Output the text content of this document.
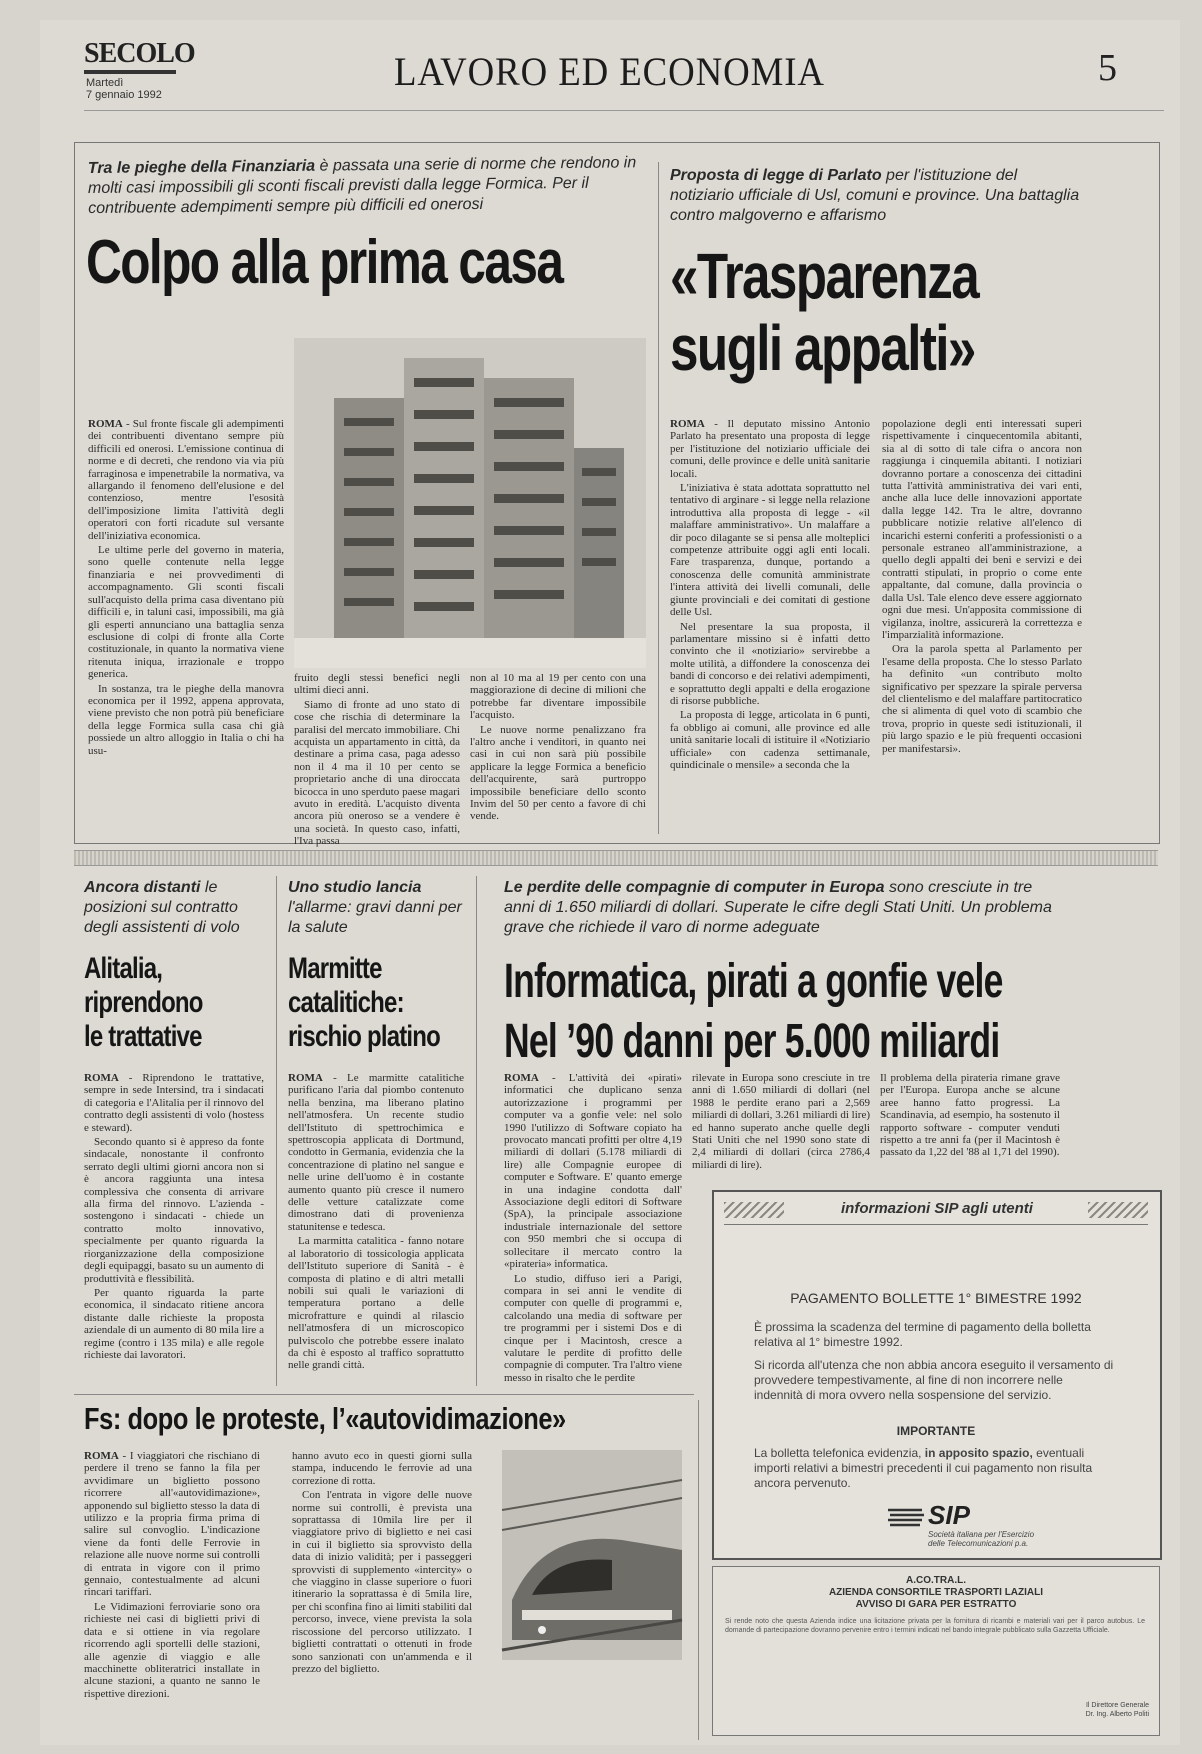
SECOLO
Martedì
7 gennaio 1992
LAVORO ED ECONOMIA	5
Tra le pieghe della Finanziaria è passata una serie di norme che rendono in molti casi impossibili gli sconti fiscali previsti dalla legge Formica. Per il contribuente adempimenti sempre più difficili ed onerosi
Colpo alla prima casa

ROMA - Sul fronte fiscale gli adempimenti dei contribuenti diventano sempre più difficili ed onerosi. L'emissione continua di norme e di decreti, che rendono via via più farraginosa e impenetrabile la normativa, va allargando il fenomeno dell'elusione e del contenzioso, mentre l'esosità dell'imposizione limita l'attività degli operatori con forti ricadute sul versante dell'iniziativa economica.

Le ultime perle del governo in materia, sono quelle contenute nella legge finanziaria e nei provvedimenti di accompagnamento. Gli sconti fiscali sull'acquisto della prima casa diventano più difficili e, in taluni casi, impossibili, ma già gli esperti annunciano una battaglia senza esclusione di colpi di fronte alla Corte costituzionale, in quanto la normativa viene ritenuta iniqua, irrazionale e troppo generica.

In sostanza, tra le pieghe della manovra economica per il 1992, appena approvata, viene previsto che non potrà più beneficiare della legge Formica sulla casa chi già possiede un altro alloggio in Italia o chi ha usu-

fruito degli stessi benefici negli ultimi dieci anni.

Siamo di fronte ad uno stato di cose che rischia di determinare la paralisi del mercato immobiliare. Chi acquista un appartamento in città, da destinare a prima casa, paga adesso non il 4 ma il 10 per cento se proprietario anche di una diroccata bicocca in uno sperduto paese magari avuto in eredità. L'acquisto diventa ancora più oneroso se a vendere è una società. In questo caso, infatti, l'Iva passa

non al 10 ma al 19 per cento con una maggiorazione di decine di milioni che potrebbe far diventare impossibile l'acquisto.

Le nuove norme penalizzano fra l'altro anche i venditori, in quanto nei casi in cui non sarà più possibile applicare la legge Formica a beneficio dell'acquirente, sarà purtroppo impossibile beneficiare dello sconto Invim del 50 per cento a favore di chi vende.

Proposta di legge di Parlato per l'istituzione del notiziario ufficiale di Usl, comuni e province. Una battaglia contro malgoverno e affarismo
«Trasparenza
sugli appalti»

ROMA - Il deputato missino Antonio Parlato ha presentato una proposta di legge per l'istituzione del notiziario ufficiale dei comuni, delle province e delle unità sanitarie locali.

L'iniziativa è stata adottata soprattutto nel tentativo di arginare - si legge nella relazione introduttiva alla proposta di legge - «il malaffare amministrativo». Un malaffare a dir poco dilagante se si pensa alle molteplici competenze attribuite oggi agli enti locali. Fare trasparenza, dunque, portando a conoscenza delle comunità amministrate l'intera attività dei livelli comunali, delle giunte provinciali e dei comitati di gestione delle Usl.

Nel presentare la sua proposta, il parlamentare missino si è infatti detto convinto che il «notiziario» servirebbe a molte utilità, a diffondere la conoscenza dei bandi di concorso e dei relativi adempimenti, e soprattutto degli appalti e della erogazione di risorse pubbliche.

La proposta di legge, articolata in 6 punti, fa obbligo ai comuni, alle province ed alle unità sanitarie locali di istituire il «Notiziario ufficiale» con cadenza settimanale, quindicinale o mensile» a seconda che la

popolazione degli enti interessati superi rispettivamente i cinquecentomila abitanti, sia al di sotto di tale cifra o ancora non raggiunga i cinquemila abitanti. I notiziari dovranno portare a conoscenza dei cittadini tutta l'attività amministrativa dei vari enti, anche alla luce delle innovazioni apportate dalla legge 142. Tra le altre, dovranno pubblicare notizie relative all'elenco di incarichi esterni conferiti a professionisti o a personale estraneo all'amministrazione, a quello degli appalti dei beni e servizi e dei contratti stipulati, in proprio o come ente appaltante, dal comune, dalla provincia o dalla Usl. Tale elenco deve essere aggiornato ogni due mesi. Un'apposita commissione di vigilanza, inoltre, assicurerà la correttezza e l'imparzialità informazione.

Ora la parola spetta al Parlamento per l'esame della proposta. Che lo stesso Parlato ha definito «un contributo molto significativo per spezzare la spirale perversa del clientelismo e del malaffare partitocratico che si alimenta di quel voto di scambio che trova, proprio in queste sedi istituzionali, il più largo spazio e le più frequenti occasioni per manifestarsi».

Ancora distanti le posizioni sul contratto degli assistenti di volo
Alitalia,
riprendono
le trattative

ROMA - Riprendono le trattative, sempre in sede Intersind, tra i sindacati di categoria e l'Alitalia per il rinnovo del contratto degli assistenti di volo (hostess e steward).

Secondo quanto si è appreso da fonte sindacale, nonostante il confronto serrato degli ultimi giorni ancora non si è ancora raggiunta una intesa complessiva che consenta di arrivare alla firma del rinnovo. L'azienda - sostengono i sindacati - chiede un contratto molto innovativo, specialmente per quanto riguarda la riorganizzazione della composizione degli equipaggi, basato su un aumento di produttività e flessibilità.

Per quanto riguarda la parte economica, il sindacato ritiene ancora distante dalle richieste la proposta aziendale di un aumento di 80 mila lire a regime (contro i 135 mila) e alle regole richieste dai lavoratori.

Uno studio lancia l'allarme: gravi danni per la salute
Marmitte
catalitiche:
rischio platino

ROMA - Le marmitte catalitiche purificano l'aria dal piombo contenuto nella benzina, ma liberano platino nell'atmosfera. Un recente studio dell'Istituto di spettrochimica e spettroscopia applicata di Dortmund, condotto in Germania, evidenzia che la concentrazione di platino nel sangue e nelle urine dell'uomo è in costante aumento quanto più cresce il numero delle vetture catalizzate come dimostrano dati di provenienza statunitense e tedesca.

La marmitta catalitica - fanno notare al laboratorio di tossicologia applicata dell'Istituto superiore di Sanità - è composta di platino e di altri metalli nobili sui quali le variazioni di temperatura portano a delle microfratture e quindi al rilascio nell'atmosfera di un microscopico pulviscolo che potrebbe essere inalato da chi è esposto al traffico soprattutto nelle grandi città.

Le perdite delle compagnie di computer in Europa sono cresciute in tre anni di 1.650 miliardi di dollari. Superate le cifre degli Stati Uniti. Un problema grave che richiede il varo di norme adeguate
Informatica, pirati a gonfie vele
Nel ’90 danni per 5.000 miliardi

ROMA - L'attività dei «pirati» informatici che duplicano senza autorizzazione i programmi per computer va a gonfie vele: nel solo 1990 l'utilizzo di Software copiato ha provocato mancati profitti per oltre 4,19 miliardi di dollari (5.178 miliardi di lire) alle Compagnie europee di computer e Software. E' quanto emerge in una indagine condotta dall' Associazione degli editori di Software (SpA), la principale associazione industriale internazionale del settore con 950 membri che si occupa di sollecitare il mercato contro la «pirateria» informatica.

Lo studio, diffuso ieri a Parigi, compara in sei anni le vendite di computer con quelle di programmi e, calcolando una media di software per tre programmi per i sistemi Dos e di cinque per i Macintosh, cresce a valutare le perdite di profitto delle compagnie di computer. Tra l'altro viene messo in risalto che le perdite

rilevate in Europa sono cresciute in tre anni di 1.650 miliardi di dollari (nel 1988 le perdite erano pari a 2,569 miliardi di dollari, 3.261 miliardi di lire) ed hanno superato anche quelle degli Stati Uniti che nel 1990 sono state di 2,4 miliardi di dollari (circa 2786,4 miliardi di lire).

Il problema della pirateria rimane grave per l'Europa. Europa anche se alcune aree hanno fatto progressi. La Scandinavia, ad esempio, ha sostenuto il rapporto software - computer venduti rispetto a tre anni fa (per il Macintosh è passato da 1,22 del '88 al 1,71 del 1990).

informazioni SIP agli utenti
PAGAMENTO BOLLETTE 1° BIMESTRE 1992
È prossima la scadenza del termine di pagamento della bolletta relativa al 1° bimestre 1992.
Si ricorda all'utenza che non abbia ancora eseguito il versamento di provvedere tempestivamente, al fine di non incorrere nelle indennità di mora ovvero nella sospensione del servizio.
IMPORTANTE
La bolletta telefonica evidenzia, in apposito spazio, eventuali importi relativi a bimestri precedenti il cui pagamento non risulta ancora pervenuto.
SIP
Società italiana per l'Esercizio
delle Telecomunicazioni p.a.
Fs: dopo le proteste, l’«autovidimazione»

ROMA - I viaggiatori che rischiano di perdere il treno se fanno la fila per avvidimare un biglietto possono ricorrere all'«autovidimazione», apponendo sul biglietto stesso la data di utilizzo e la propria firma prima di salire sul convoglio. L'indicazione viene da fonti delle Ferrovie in relazione alle nuove norme sui controlli di entrata in vigore con il primo gennaio, contestualmente ad alcuni rincari tariffari.

Le Vidimazioni ferroviarie sono ora richieste nei casi di biglietti privi di data e si ottiene in via regolare ricorrendo agli sportelli delle stazioni, alle agenzie di viaggio e alle macchinette obliteratrici installate in alcune stazioni, a quanto ne sanno le rispettive direzioni.

hanno avuto eco in questi giorni sulla stampa, inducendo le ferrovie ad una correzione di rotta.

Con l'entrata in vigore delle nuove norme sui controlli, è prevista una soprattassa di 10mila lire per il viaggiatore privo di biglietto e nei casi in cui il biglietto sia sprovvisto della data di inizio validità; per i passeggeri sprovvisti di supplemento «intercity» o che viaggino in classe superiore o fuori itinerario la soprattassa è di 5mila lire, per chi sconfina fino ai limiti stabiliti dal percorso, invece, viene prevista la sola riscossione del percorso utilizzato. I biglietti contrattati o ottenuti in frode sono sanzionati con un'ammenda e il prezzo del biglietto.

A.CO.TRA.L.
AZIENDA CONSORTILE TRASPORTI LAZIALI
AVVISO DI GARA PER ESTRATTO
Si rende noto che questa Azienda indice una licitazione privata per la fornitura di ricambi e materiali vari per il parco autobus. Le domande di partecipazione dovranno pervenire entro i termini indicati nel bando integrale pubblicato sulla Gazzetta Ufficiale.
Il Direttore Generale
Dr. Ing. Alberto Politi
